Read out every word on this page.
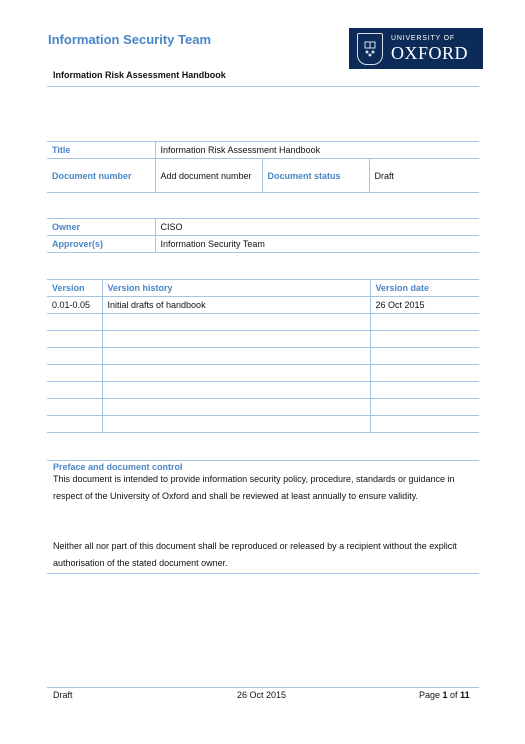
Information Security Team	UNIVERSITY OF
OXFORD
Information Risk Assessment Handbook
Title	Information Risk Assessment Handbook		
Document number	Add document number	Document status	Draft
Owner	CISO
Approver(s)	Information Security Team
Version	Version history	Version date
0.01-0.05	Initial drafts of handbook	26 Oct 2015

Preface and document control
This document is intended to provide information security policy, procedure, standards or guidance in respect of the University of Oxford and shall be reviewed at least annually to ensure validity.
Neither all nor part of this document shall be reproduced or released by a recipient without the explicit authorisation of the stated document owner.
Draft	26 Oct 2015	Page 1 of 11
